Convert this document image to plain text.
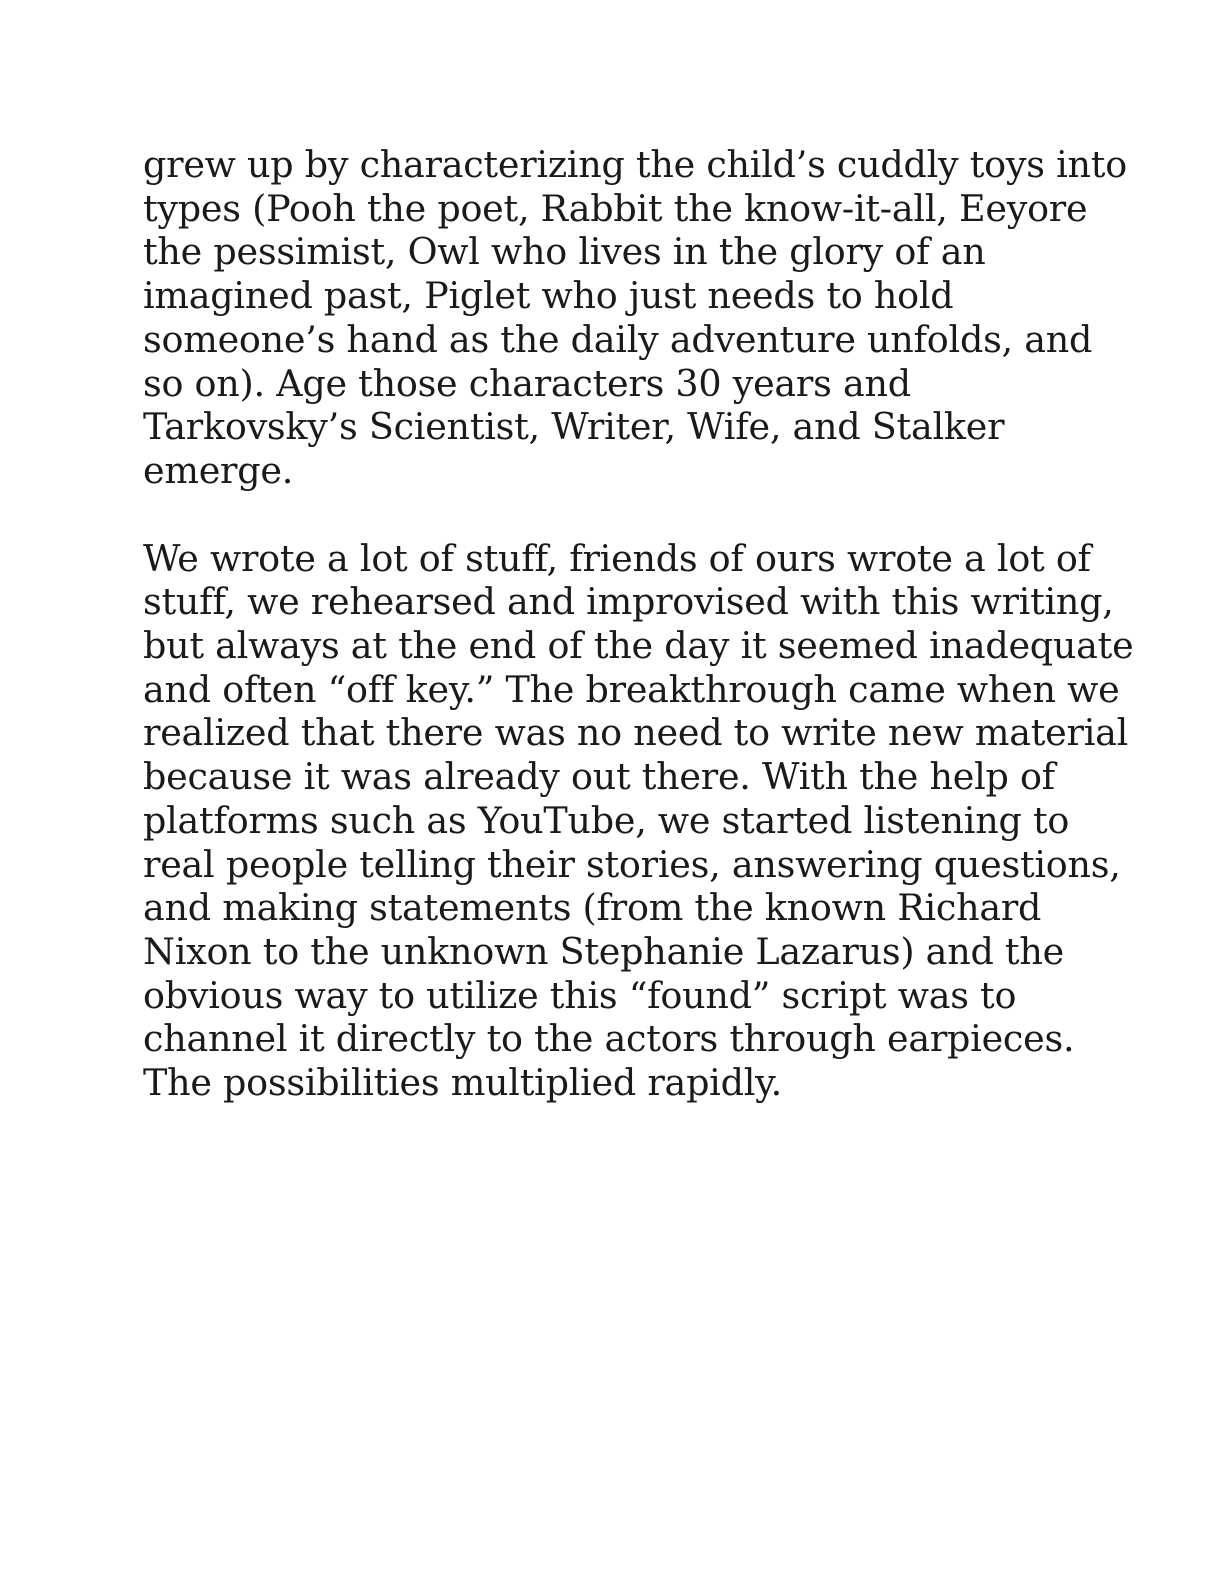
grew up by characterizing the child’s cuddly toys into
types (Pooh the poet, Rabbit the know-it-all, Eeyore
the pessimist, Owl who lives in the glory of an
imagined past, Piglet who just needs to hold
someone’s hand as the daily adventure unfolds, and
so on). Age those characters 30 years and
Tarkovsky’s Scientist, Writer, Wife, and Stalker
emerge.

We wrote a lot of stuff, friends of ours wrote a lot of
stuff, we rehearsed and improvised with this writing,
but always at the end of the day it seemed inadequate
and often “off key.” The breakthrough came when we
realized that there was no need to write new material
because it was already out there. With the help of
platforms such as YouTube, we started listening to
real people telling their stories, answering questions,
and making statements (from the known Richard
Nixon to the unknown Stephanie Lazarus) and the
obvious way to utilize this “found” script was to
channel it directly to the actors through earpieces.
The possibilities multiplied rapidly.
